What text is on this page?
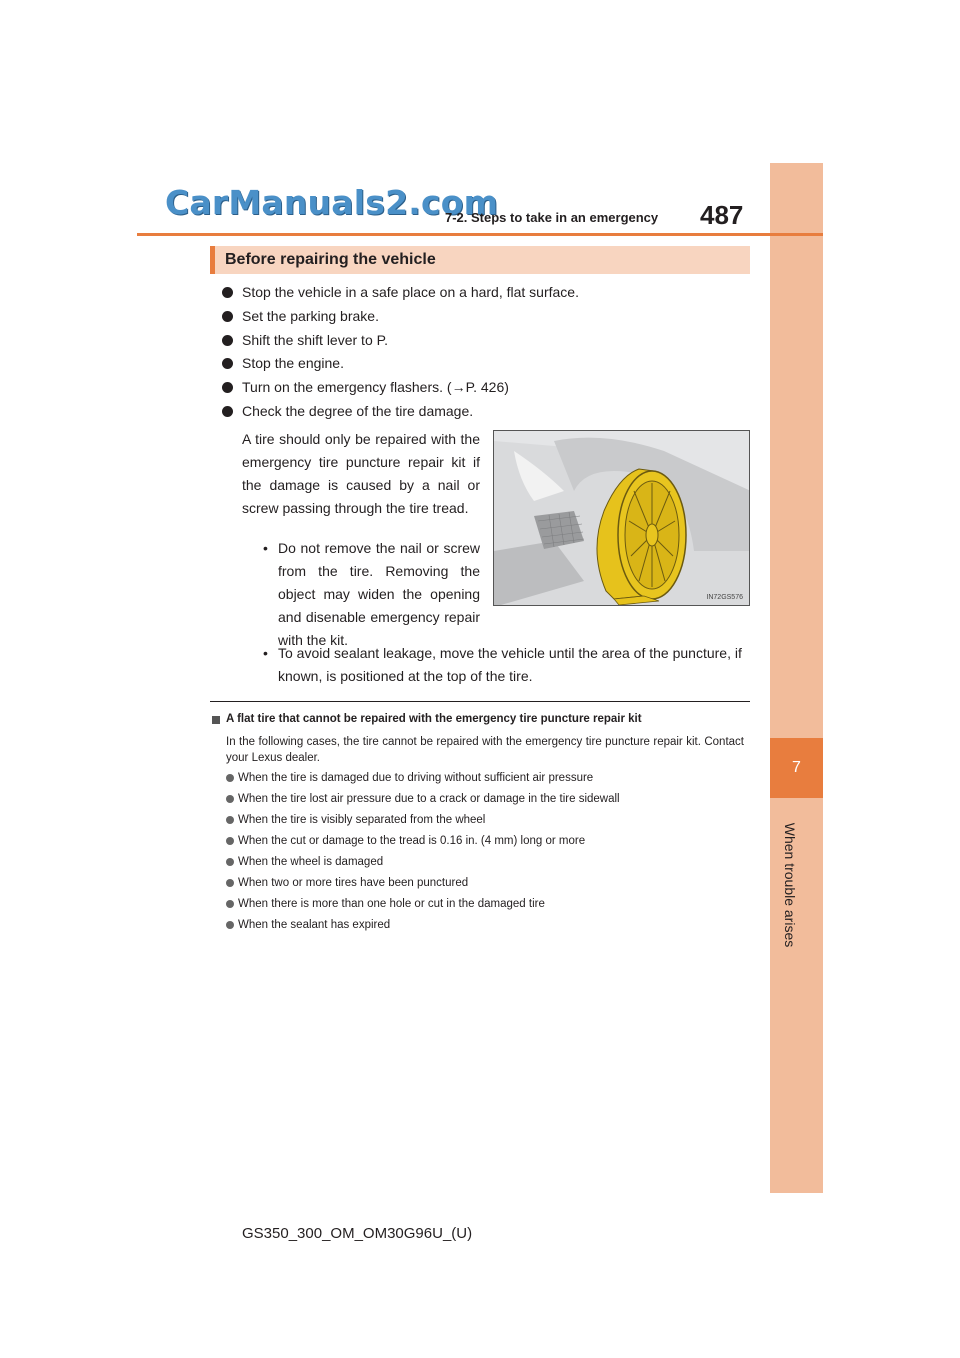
7
When trouble arises
CarManuals2.com
7-2. Steps to take in an emergency 487
Before repairing the vehicle
Stop the vehicle in a safe place on a hard, flat surface.
Set the parking brake.
Shift the shift lever to P.
Stop the engine.
Turn on the emergency flashers. (→P. 426)
Check the degree of the tire damage.
A tire should only be repaired with the emergency tire puncture repair kit if the damage is caused by a nail or screw passing through the tire tread.
• Do not remove the nail or screw from the tire. Removing the object may widen the opening and disenable emergency repair with the kit.
• To avoid sealant leakage, move the vehicle until the area of the puncture, if known, is positioned at the top of the tire.
IN72GS576
A flat tire that cannot be repaired with the emergency tire puncture repair kit
In the following cases, the tire cannot be repaired with the emergency tire puncture repair kit. Contact your Lexus dealer.
When the tire is damaged due to driving without sufficient air pressure
When the tire lost air pressure due to a crack or damage in the tire sidewall
When the tire is visibly separated from the wheel
When the cut or damage to the tread is 0.16 in. (4 mm) long or more
When the wheel is damaged
When two or more tires have been punctured
When there is more than one hole or cut in the damaged tire
When the sealant has expired
GS350_300_OM_OM30G96U_(U)
